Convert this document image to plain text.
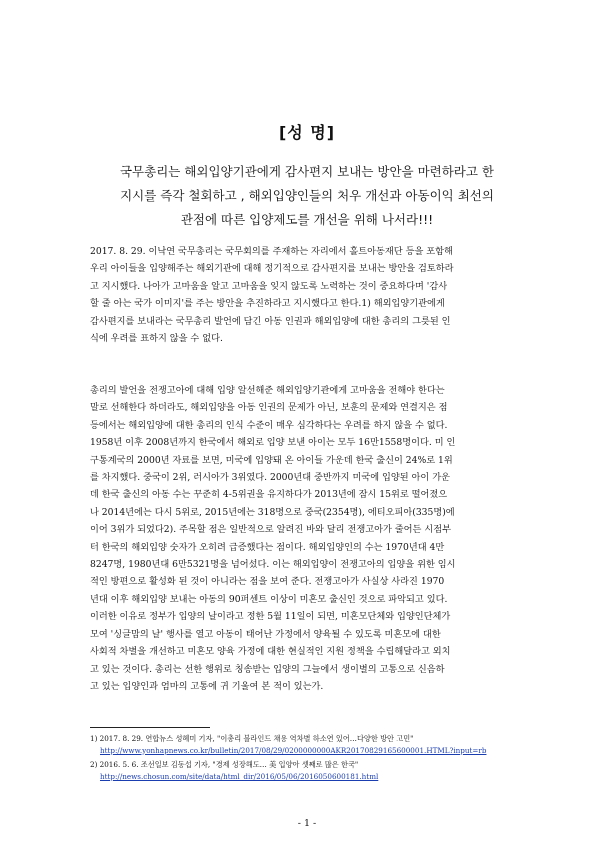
[성 명]
국무총리는 해외입양기관에게 감사편지 보내는 방안을 마련하라고 한
지시를 즉각 철회하고 , 해외입양인들의 처우 개선과 아동이익 최선의
관점에 따른 입양제도를 개선을 위해 나서라!!!
2017. 8. 29. 이낙연 국무총리는 국무회의를 주재하는 자리에서 홀트아동재단 등을 포함해
우리 아이들을 입양해주는 해외기관에 대해 정기적으로 감사편지를 보내는 방안을 검토하라
고 지시했다. 나아가 고마움을 알고 고마움을 잊지 않도록 노력하는 것이 중요하다며 '감사
할 줄 아는 국가 이미지'를 주는 방안을 추진하라고 지시했다고 한다.1) 해외입양기관에게
감사편지를 보내라는 국무총리 발언에 담긴 아동 인권과 해외입양에 대한 총리의 그릇된 인
식에 우려를 표하지 않을 수 없다.
총리의 발언을 전쟁고아에 대해 입양 알선해준 해외입양기관에게 고마움을 전해야 한다는
말로 선해한다 하더라도, 해외입양을 아동 인권의 문제가 아닌, 보훈의 문제와 연결지은 점
등에서는 해외입양에 대한 총리의 인식 수준이 매우 심각하다는 우려를 하지 않을 수 없다.
1958년 이후 2008년까지 한국에서 해외로 입양 보낸 아이는 모두 16만1558명이다. 미 인
구통계국의 2000년 자료를 보면, 미국에 입양돼 온 아이들 가운데 한국 출신이 24%로 1위
를 차지했다. 중국이 2위, 러시아가 3위였다. 2000년대 중반까지 미국에 입양된 아이 가운
데 한국 출신의 아동 수는 꾸준히 4-5위권을 유지하다가 2013년에 잠시 15위로 떨어졌으
나 2014년에는 다시 5위로, 2015년에는 318명으로 중국(2354명), 에티오피아(335명)에
이어 3위가 되었다2). 주목할 점은 일반적으로 알려진 바와 달리 전쟁고아가 줄어든 시점부
터 한국의 해외입양 숫자가 오히려 급증했다는 점이다. 해외입양인의 수는 1970년대 4만
8247명, 1980년대 6만5321명을 넘어섰다. 이는 해외입양이 전쟁고아의 입양을 위한 임시
적인 방편으로 활성화 된 것이 아니라는 점을 보여 준다. 전쟁고아가 사실상 사라진 1970
년대 이후 해외입양 보내는 아동의 90퍼센트 이상이 미혼모 출신인 것으로 파악되고 있다.
이러한 이유로 정부가 입양의 날이라고 정한 5월 11일이 되면, 미혼모단체와 입양인단체가
모여 '싱글맘의 날' 행사를 열고 아동이 태어난 가정에서 양육될 수 있도록 미혼모에 대한
사회적 차별을 개선하고 미혼모 양육 가정에 대한 현실적인 지원 정책을 수립해달라고 외치
고 있는 것이다. 총리는 선한 행위로 칭송받는 입양의 그늘에서 생이별의 고통으로 신음하
고 있는 입양인과 엄마의 고통에 귀 기울여 본 적이 있는가.
1) 2017. 8. 29. 연합뉴스 성혜미 기자, "이총리 블라인드 채용 역차별 하소연 있어…다양한 방안 고민"
http://www.yonhapnews.co.kr/bulletin/2017/08/29/0200000000AKR20170829165600001.HTML?input=rb
2) 2016. 5. 6. 조선일보 김동섭 기자, "경제 성장해도… 美 입양아 셋째로 많은 한국"
http://news.chosun.com/site/data/html_dir/2016/05/06/2016050600181.html
- 1 -
